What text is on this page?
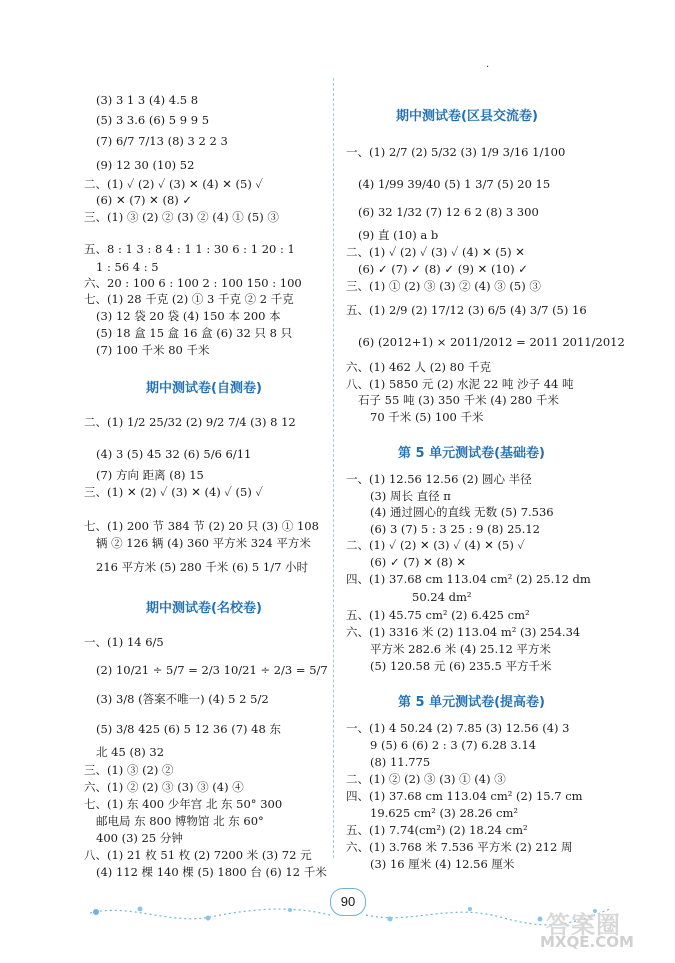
·
(3) 3 1 3 (4) 4.5 8
(5) 3 3.6 (6) 5 9 9 5
(7) 6/7 7/13 (8) 3 2 2 3
(9) 12 30 (10) 52
二、(1) ✓ (2) ✓ (3) ✕ (4) ✕ (5) ✓
(6) ✕ (7) ✕ (8) ✓
三、(1) ③ (2) ② (3) ② (4) ① (5) ③
五、8 : 1 3 : 8 4 : 1 1 : 30 6 : 1 20 : 1
1 : 56 4 : 5
六、20 : 100 6 : 100 2 : 100 150 : 100
七、(1) 28 千克 (2) ① 3 千克 ② 2 千克
(3) 12 袋 20 袋 (4) 150 本 200 本
(5) 18 盒 15 盒 16 盒 (6) 32 只 8 只
(7) 100 千米 80 千米
期中测试卷(自测卷)
二、(1) 1/2 25/32 (2) 9/2 7/4 (3) 8 12
(4) 3 (5) 45 32 (6) 5/6 6/11
(7) 方向 距离 (8) 15
三、(1) ✕ (2) ✓ (3) ✕ (4) ✓ (5) ✓
七、(1) 200 节 384 节 (2) 20 只 (3) ① 108
辆 ② 126 辆 (4) 360 平方米 324 平方米
216 平方米 (5) 280 千米 (6) 5 1/7 小时
期中测试卷(名校卷)
一、(1) 14 6/5
(2) 10/21 ÷ 5/7 = 2/3 10/21 ÷ 2/3 = 5/7
(3) 3/8 (答案不唯一) (4) 5 2 5/2
(5) 3/8 425 (6) 5 12 36 (7) 48 东
北 45 (8) 32
三、(1) ③ (2) ②
六、(1) ② (2) ③ (3) ③ (4) ④
七、(1) 东 400 少年宫 北 东 50° 300
邮电局 东 800 博物馆 北 东 60°
400 (3) 25 分钟
八、(1) 21 枚 51 枚 (2) 7200 米 (3) 72 元
(4) 112 棵 140 棵 (5) 1800 台 (6) 12 千米
期中测试卷(区县交流卷)
一、(1) 2/7 (2) 5/32 (3) 1/9 3/16 1/100
(4) 1/99 39/40 (5) 1 3/7 (5) 20 15
(6) 32 1/32 (7) 12 6 2 (8) 3 300
(9) 直 (10) a b
二、(1) ✓ (2) ✓ (3) ✓ (4) ✕ (5) ✕
(6) ✓ (7) ✓ (8) ✓ (9) ✕ (10) ✓
三、(1) ① (2) ③ (3) ② (4) ③ (5) ③
五、(1) 2/9 (2) 17/12 (3) 6/5 (4) 3/7 (5) 16
(6) (2012+1) × 2011/2012 = 2011 2011/2012
六、(1) 462 人 (2) 80 千克
八、(1) 5850 元 (2) 水泥 22 吨 沙子 44 吨
石子 55 吨 (3) 350 千米 (4) 280 千米
70 千米 (5) 100 千米
第 5 单元测试卷(基础卷)
一、(1) 12.56 12.56 (2) 圆心 半径
(3) 周长 直径 π
(4) 通过圆心的直线 无数 (5) 7.536
(6) 3 (7) 5 : 3 25 : 9 (8) 25.12
二、(1) ✓ (2) ✕ (3) ✓ (4) ✕ (5) ✓
(6) ✓ (7) ✕ (8) ✕
四、(1) 37.68 cm 113.04 cm² (2) 25.12 dm
50.24 dm²
五、(1) 45.75 cm² (2) 6.425 cm²
六、(1) 3316 米 (2) 113.04 m² (3) 254.34
平方米 282.6 米 (4) 25.12 平方米
(5) 120.58 元 (6) 235.5 平方千米
第 5 单元测试卷(提高卷)
一、(1) 4 50.24 (2) 7.85 (3) 12.56 (4) 3
9 (5) 6 (6) 2 : 3 (7) 6.28 3.14
(8) 11.775
二、(1) ② (2) ③ (3) ① (4) ③
四、(1) 37.68 cm 113.04 cm² (2) 15.7 cm
19.625 cm² (3) 28.26 cm²
五、(1) 7.74(cm²) (2) 18.24 cm²
六、(1) 3.768 米 7.536 平方米 (2) 212 周
(3) 16 厘米 (4) 12.56 厘米
90
答案圈
MXQE.COM
